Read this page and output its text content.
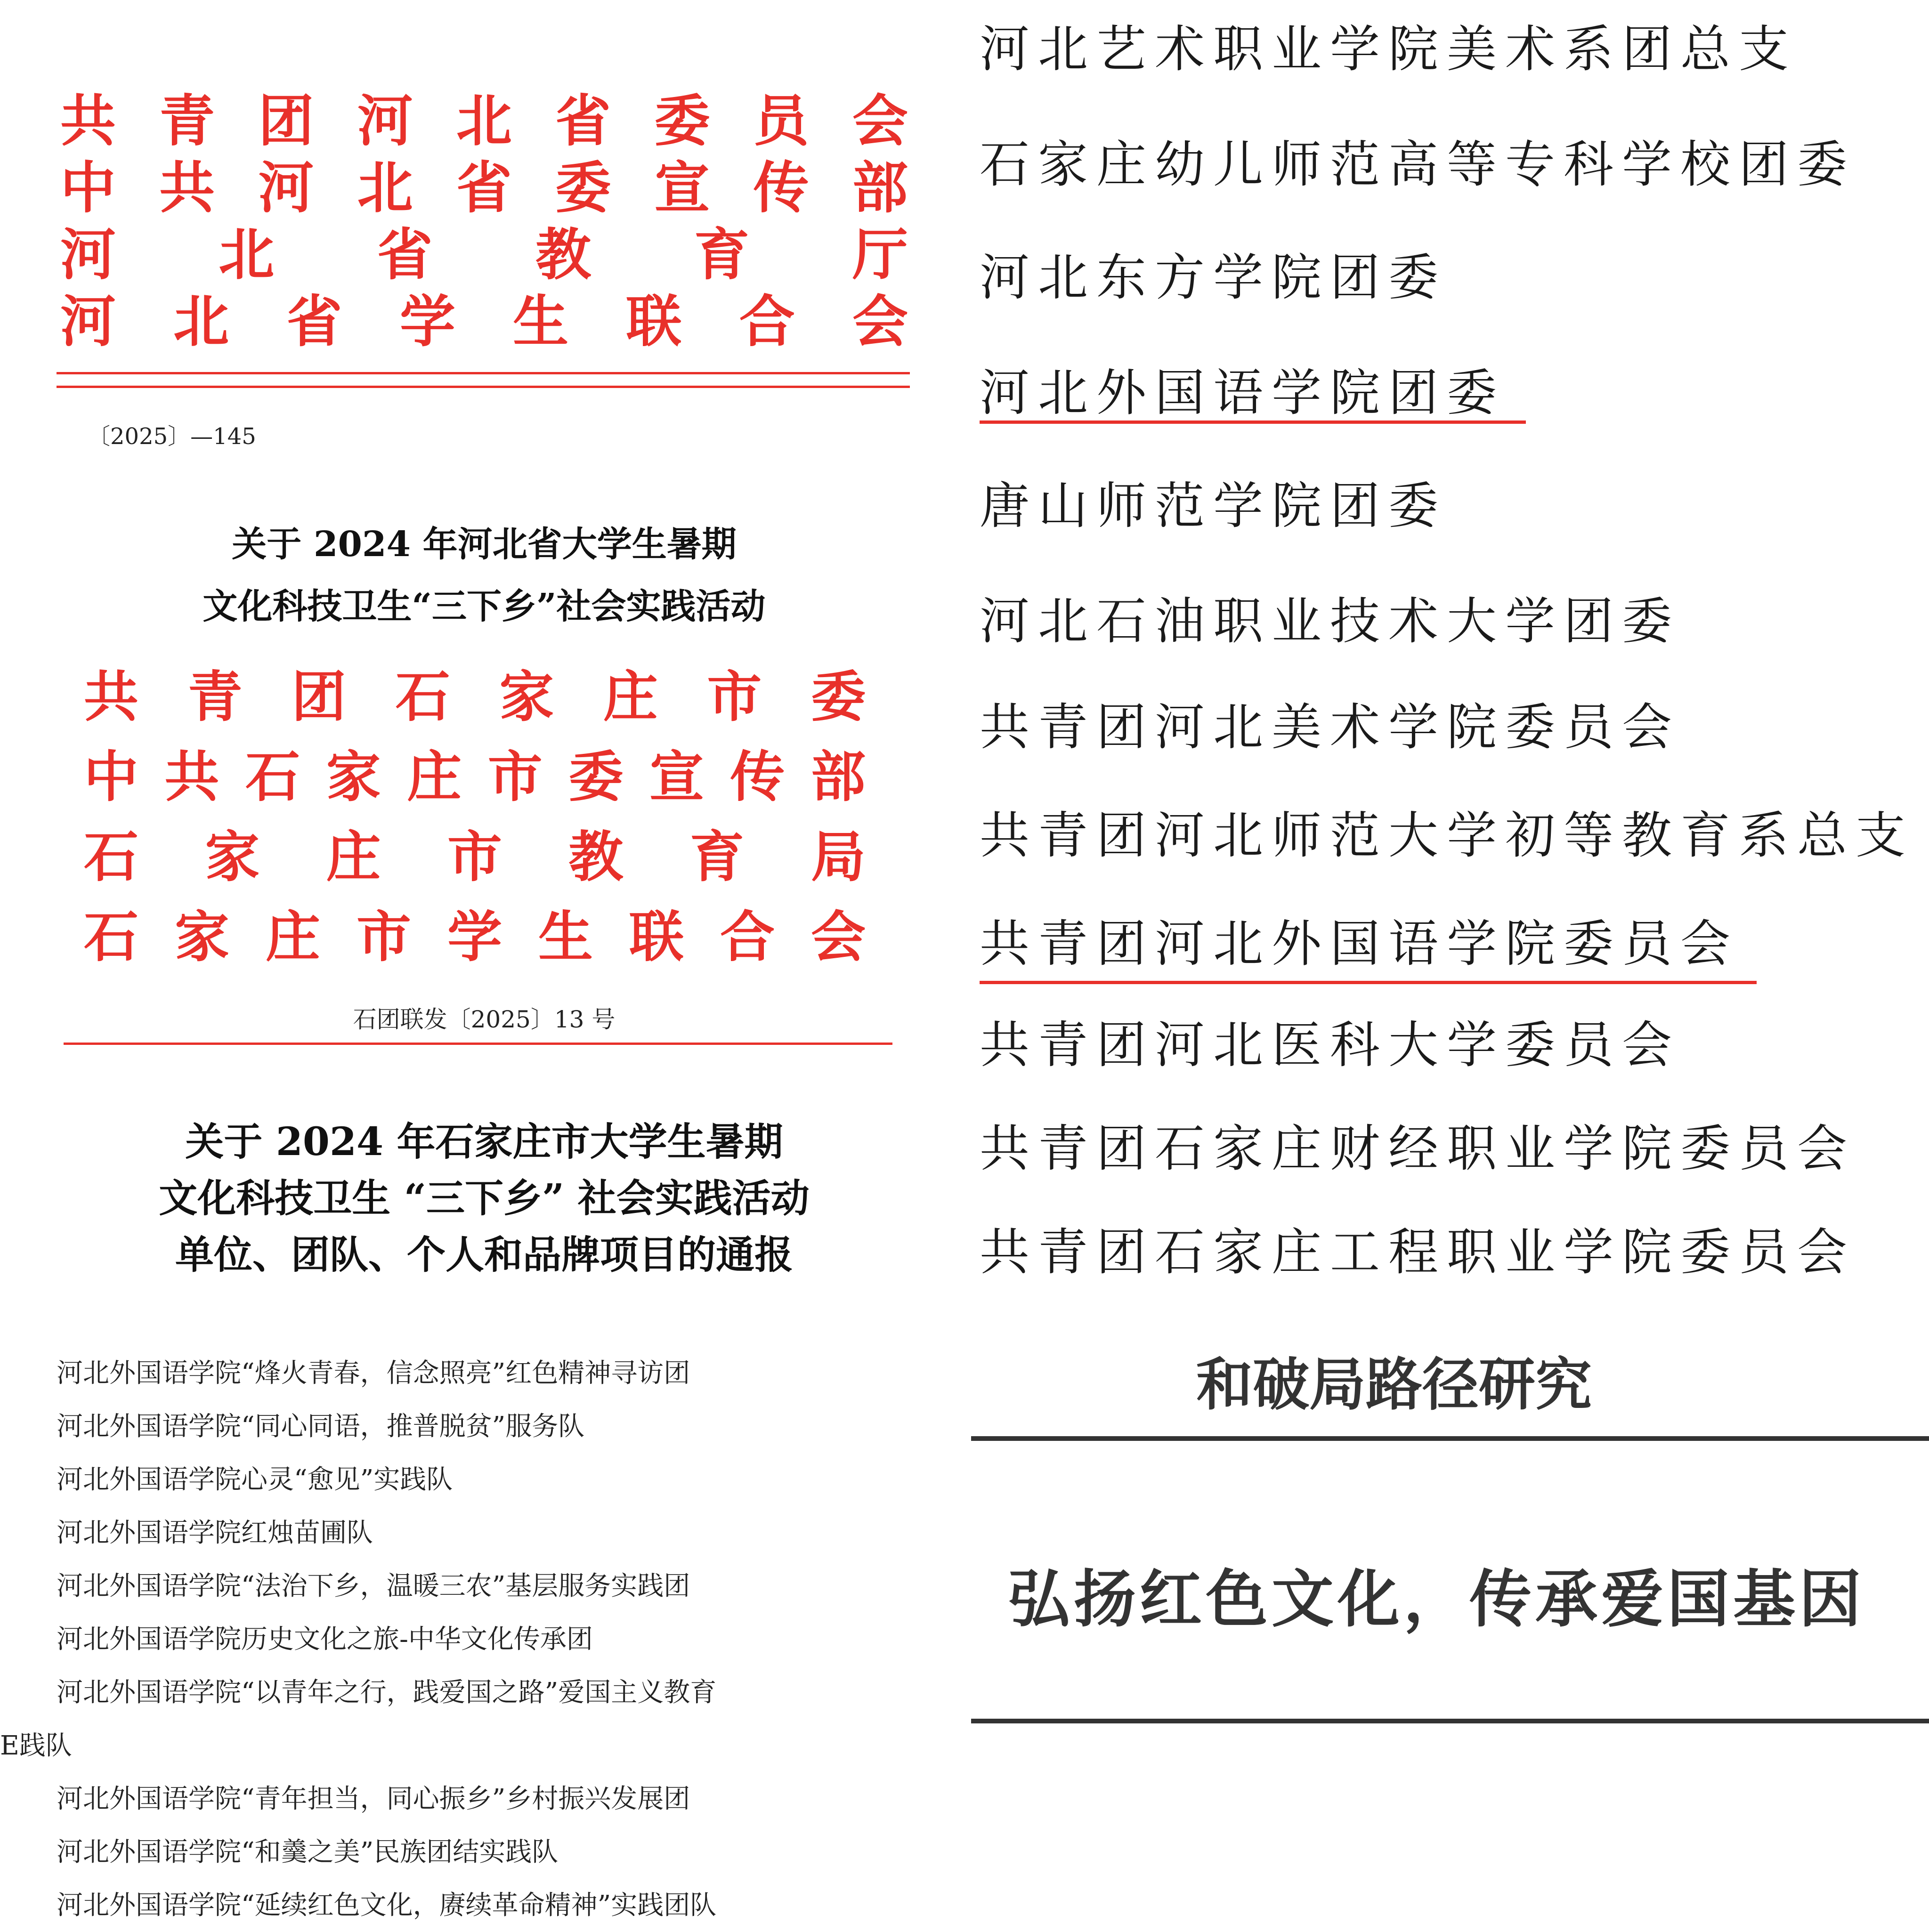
共 青 团 河 北 省 委 员 会
中 共 河 北 省 委 宣 传 部
河 北 省 教 育 厅
河 北 省 学 生 联 合 会
〔2025〕—145
关于 2024 年河北省大学生暑期
文化科技卫生“三下乡”社会实践活动
共 青 团 石 家 庄 市 委
中 共 石 家 庄 市 委 宣 传 部
石 家 庄 市 教 育 局
石 家 庄 市 学 生 联 合 会
石团联发〔2025〕13 号
关于 2024 年石家庄市大学生暑期
文化科技卫生 “三下乡” 社会实践活动
单位、团队、个人和品牌项目的通报
河北外国语学院“烽火青春，信念照亮”红色精神寻访团
河北外国语学院“同心同语，推普脱贫”服务队
河北外国语学院心灵“愈见”实践队
河北外国语学院红烛苗圃队
河北外国语学院“法治下乡，温暖三农”基层服务实践团
河北外国语学院历史文化之旅-中华文化传承团
河北外国语学院“以青年之行，践爱国之路”爱国主义教育
E践队
河北外国语学院“青年担当，同心振乡”乡村振兴发展团
河北外国语学院“和羹之美”民族团结实践队
河北外国语学院“延续红色文化，赓续革命精神”实践团队
河北艺术职业学院美术系团总支
石家庄幼儿师范高等专科学校团委
河北东方学院团委
河北外国语学院团委
唐山师范学院团委
河北石油职业技术大学团委
共青团河北美术学院委员会
共青团河北师范大学初等教育系总支
共青团河北外国语学院委员会
共青团河北医科大学委员会
共青团石家庄财经职业学院委员会
共青团石家庄工程职业学院委员会
和破局路径研究
弘扬红色文化，传承爱国基因
